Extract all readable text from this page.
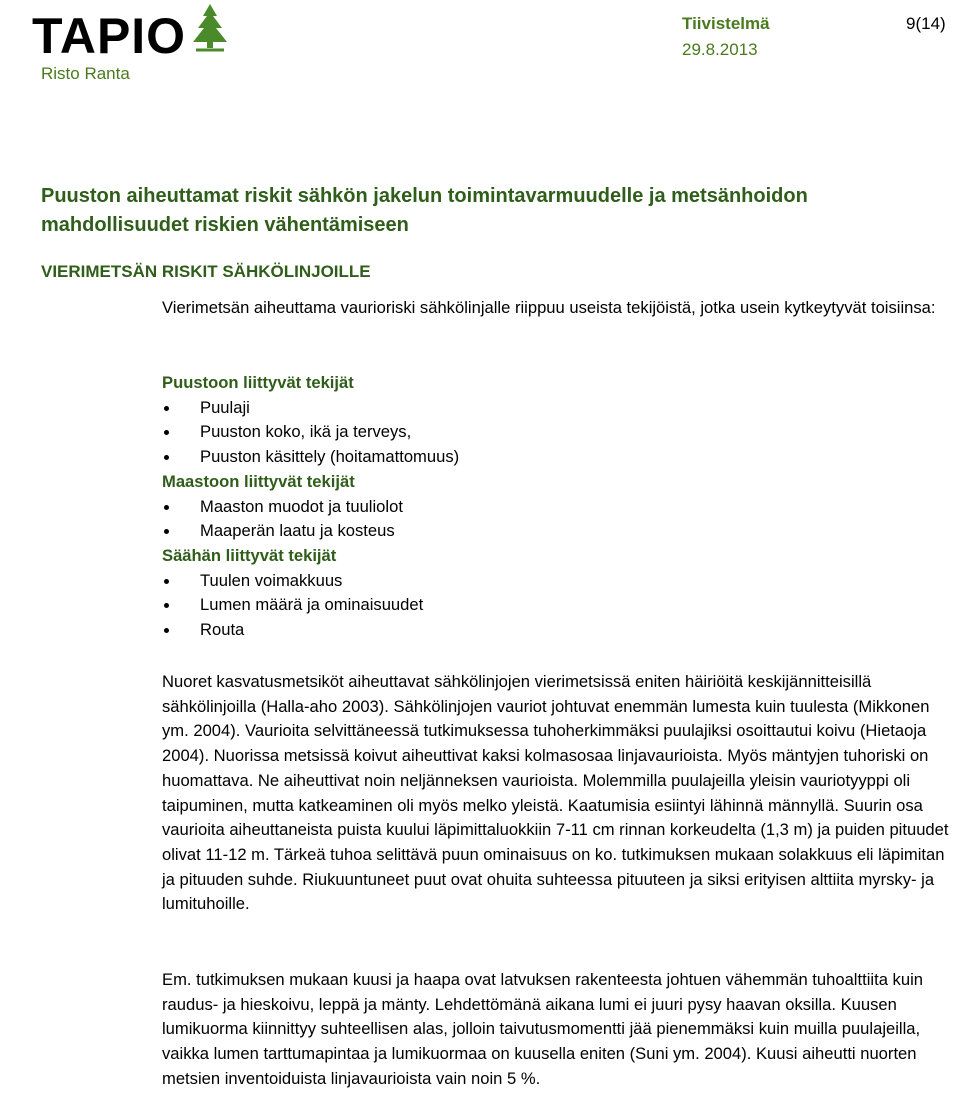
TAPIO
Risto Ranta
Tiivistelmä
29.8.2013
9(14)
Puuston aiheuttamat riskit sähkön jakelun toimintavarmuudelle ja metsänhoidon mahdollisuudet riskien vähentämiseen
VIERIMETSÄN RISKIT SÄHKÖLINJOILLE

Vierimetsän aiheuttama vaurioriski sähkölinjalle riippuu useista tekijöistä, jotka usein kytkeytyvät toisiinsa:

Puustoon liittyvät tekijät

Puulaji
Puuston koko, ikä ja terveys,
Puuston käsittely (hoitamattomuus)

Maastoon liittyvät tekijät

Maaston muodot ja tuuliolot
Maaperän laatu ja kosteus

Säähän liittyvät tekijät

Tuulen voimakkuus
Lumen määrä ja ominaisuudet
Routa

Nuoret kasvatusmetsiköt aiheuttavat sähkölinjojen vierimetsissä eniten häiriöitä keskijännitteisillä sähkölinjoilla (Halla-aho 2003). Sähkölinjojen vauriot johtuvat enemmän lumesta kuin tuulesta (Mikkonen ym. 2004). Vaurioita selvittäneessä tutkimuksessa tuhoherkimmäksi puulajiksi osoittautui koivu (Hietaoja 2004). Nuorissa metsissä koivut aiheuttivat kaksi kolmasosaa linjavaurioista. Myös mäntyjen tuhoriski on huomattava. Ne aiheuttivat noin neljänneksen vaurioista. Molemmilla puulajeilla yleisin vauriotyyppi oli taipuminen, mutta katkeaminen oli myös melko yleistä. Kaatumisia esiintyi lähinnä männyllä. Suurin osa vaurioita aiheuttaneista puista kuului läpimittaluokkiin 7-11 cm rinnan korkeudelta (1,3 m) ja puiden pituudet olivat 11-12 m. Tärkeä tuhoa selittävä puun ominaisuus on ko. tutkimuksen mukaan solakkuus eli läpimitan ja pituuden suhde. Riukuuntuneet puut ovat ohuita suhteessa pituuteen ja siksi erityisen alttiita myrsky- ja lumituhoille.

Em. tutkimuksen mukaan kuusi ja haapa ovat latvuksen rakenteesta johtuen vähemmän tuhoalttiita kuin raudus- ja hieskoivu, leppä ja mänty. Lehdettömänä aikana lumi ei juuri pysy haavan oksilla. Kuusen lumikuorma kiinnittyy suhteellisen alas, jolloin taivutusmomentti jää pienemmäksi kuin muilla puulajeilla, vaikka lumen tarttumapintaa ja lumikuormaa on kuusella eniten (Suni ym. 2004). Kuusi aiheutti nuorten metsien inventoiduista linjavaurioista vain noin 5 %.
